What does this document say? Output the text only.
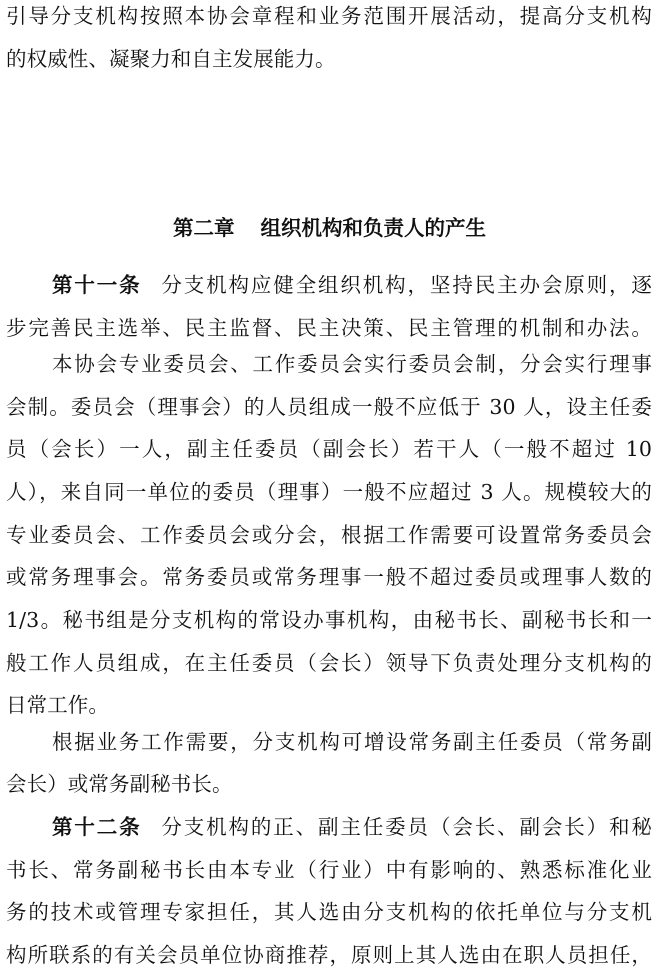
引导分支机构按照本协会章程和业务范围开展活动，提高分支机构
的权威性、凝聚力和自主发展能力。
第二章 组织机构和负责人的产生
第十一条 分支机构应健全组织机构，坚持民主办会原则，逐
步完善民主选举、民主监督、民主决策、民主管理的机制和办法。
本协会专业委员会、工作委员会实行委员会制，分会实行理事
会制。委员会（理事会）的人员组成一般不应低于 30 人，设主任委
员（会长）一人，副主任委员（副会长）若干人（一般不超过 10
人），来自同一单位的委员（理事）一般不应超过 3 人。规模较大的
专业委员会、工作委员会或分会，根据工作需要可设置常务委员会
或常务理事会。常务委员或常务理事一般不超过委员或理事人数的
1/3。秘书组是分支机构的常设办事机构，由秘书长、副秘书长和一
般工作人员组成，在主任委员（会长）领导下负责处理分支机构的
日常工作。
根据业务工作需要，分支机构可增设常务副主任委员（常务副
会长）或常务副秘书长。
第十二条 分支机构的正、副主任委员（会长、副会长）和秘
书长、常务副秘书长由本专业（行业）中有影响的、熟悉标准化业
务的技术或管理专家担任，其人选由分支机构的依托单位与分支机
构所联系的有关会员单位协商推荐，原则上其人选由在职人员担任，
